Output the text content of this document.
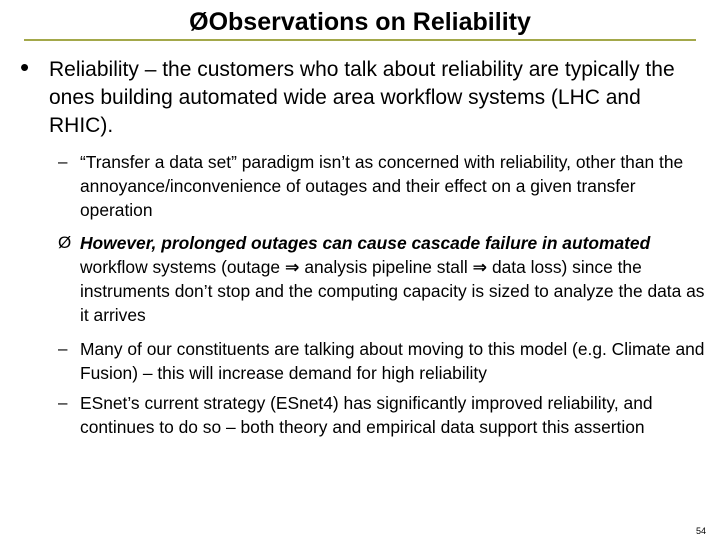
ØObservations on Reliability
• Reliability – the customers who talk about reliability are typically the ones building automated wide area workflow systems (LHC and RHIC).
– “Transfer a data set” paradigm isn’t as concerned with reliability, other than the annoyance/inconvenience of outages and their effect on a given transfer operation
Ø However, prolonged outages can cause cascade failure in automated workflow systems (outage ⇒ analysis pipeline stall ⇒ data loss) since the instruments don’t stop and the computing capacity is sized to analyze the data as it arrives
– Many of our constituents are talking about moving to this model (e.g. Climate and Fusion) – this will increase demand for high reliability
– ESnet’s current strategy (ESnet4) has significantly improved reliability, and continues to do so – both theory and empirical data support this assertion
54
